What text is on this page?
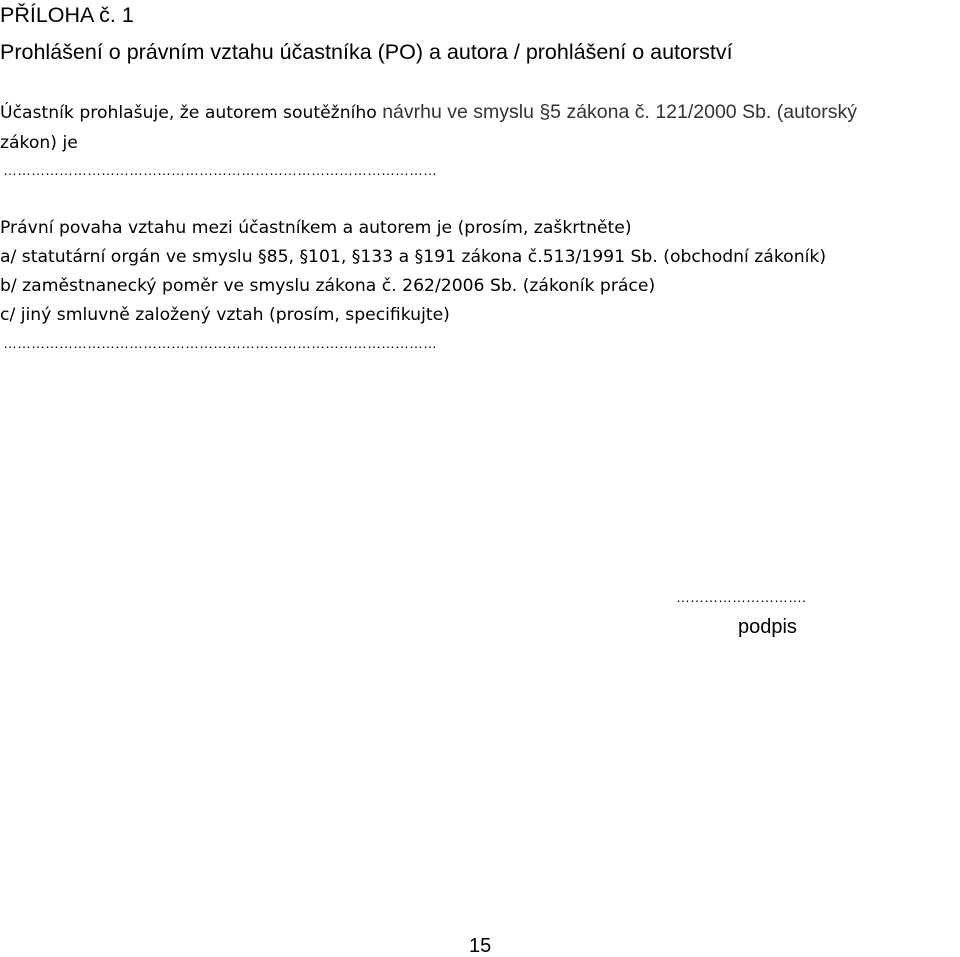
PŘÍLOHA č. 1
Prohlášení o právním vztahu účastníka (PO) a autora / prohlášení o autorství
Účastník prohlašuje, že autorem soutěžního návrhu ve smyslu §5 zákona č. 121/2000 Sb. (autorský
zákon) je
…………………………………………………………………………………
Právní povaha vztahu mezi účastníkem a autorem je (prosím, zaškrtněte)
a/ statutární orgán ve smyslu §85, §101, §133 a §191 zákona č.513/1991 Sb. (obchodní zákoník)
b/ zaměstnanecký poměr ve smyslu zákona č. 262/2006 Sb. (zákoník práce)
c/ jiný smluvně založený vztah (prosím, specifikujte)
…………………………………………………………………………………
……………………….
podpis
15
